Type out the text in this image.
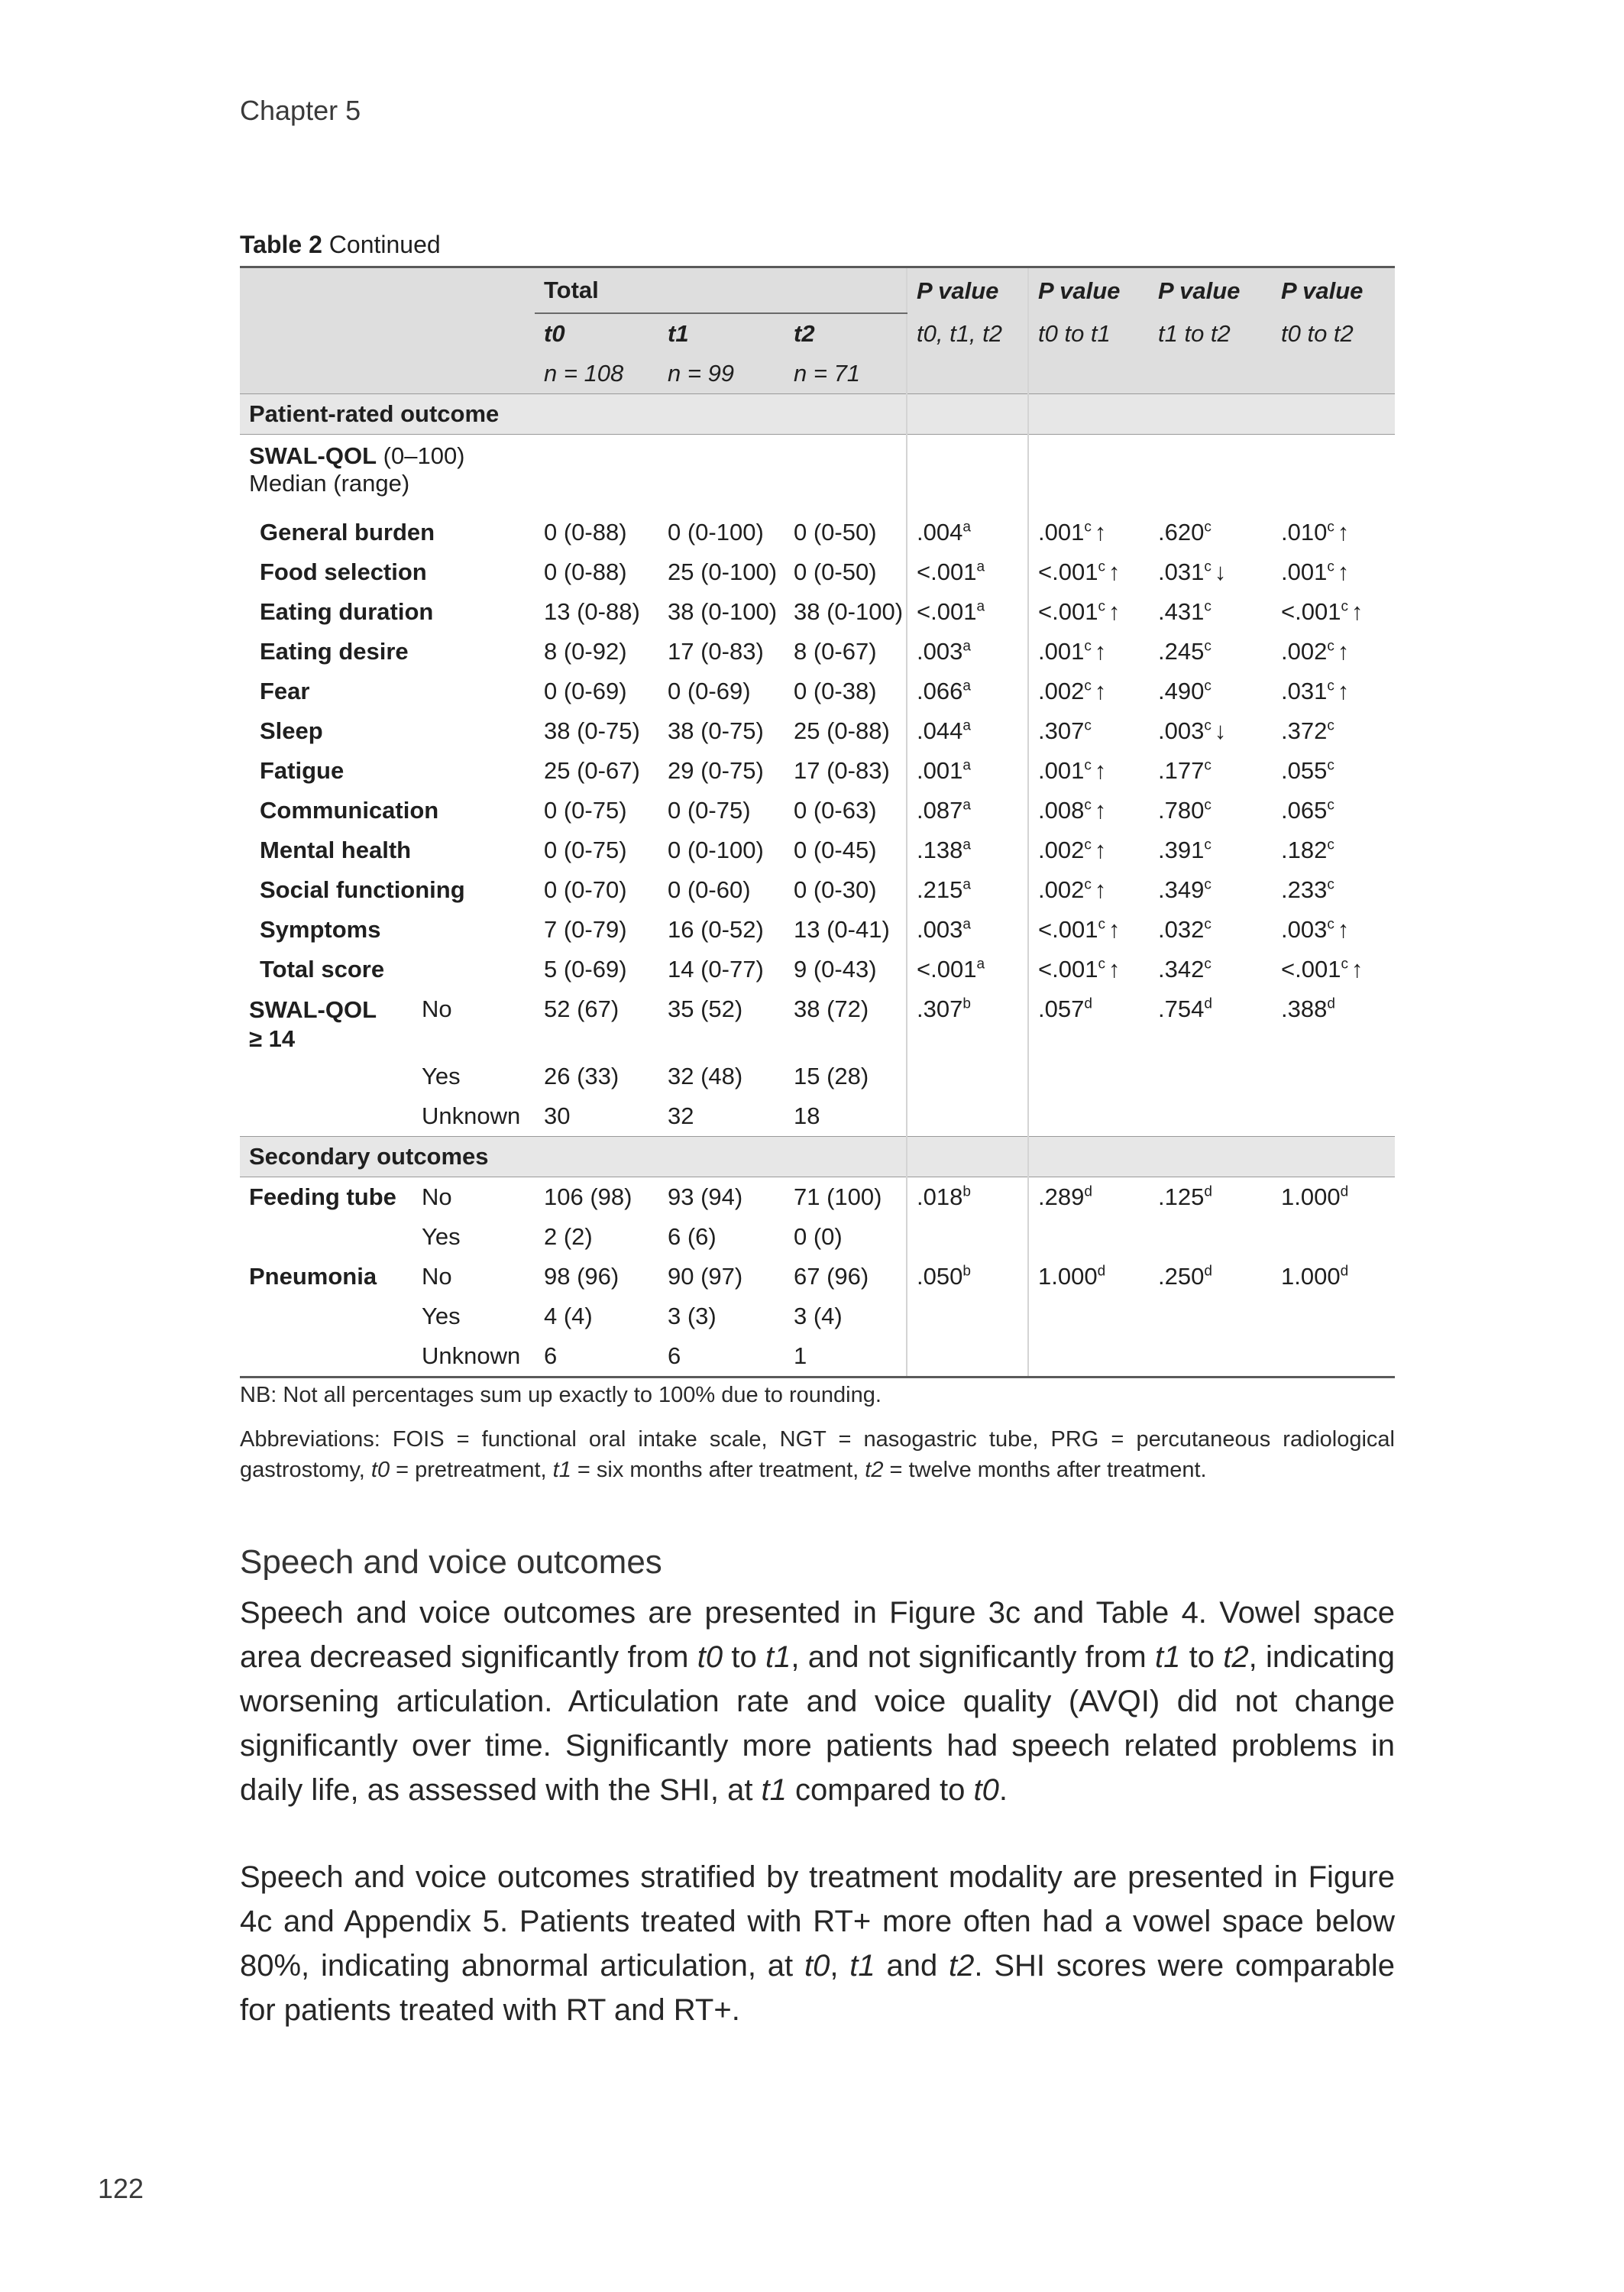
Chapter 5
Table 2 Continued
		Total			P value	P value	P value	P value
		t0	t1	t2	t0, t1, t2	t0 to t1	t1 to t2	t0 to t2
		n = 108	n = 99	n = 71				
Patient-rated outcome								
SWAL-QOL (0–100)
Median (range)								
General burden		0 (0-88)	0 (0-100)	0 (0-50)	.004$^a$	.001$^c$ ↑	.620$^c$	.010$^c$ ↑
Food selection		0 (0-88)	25 (0-100)	0 (0-50)	<.001$^a$	<.001$^c$ ↑	.031$^c$ ↓	.001$^c$ ↑
Eating duration		13 (0-88)	38 (0-100)	38 (0-100)	<.001$^a$	<.001$^c$ ↑	.431$^c$	<.001$^c$ ↑
Eating desire		8 (0-92)	17 (0-83)	8 (0-67)	.003$^a$	.001$^c$ ↑	.245$^c$	.002$^c$ ↑
Fear		0 (0-69)	0 (0-69)	0 (0-38)	.066$^a$	.002$^c$ ↑	.490$^c$	.031$^c$ ↑
Sleep		38 (0-75)	38 (0-75)	25 (0-88)	.044$^a$	.307$^c$	.003$^c$ ↓	.372$^c$
Fatigue		25 (0-67)	29 (0-75)	17 (0-83)	.001$^a$	.001$^c$ ↑	.177$^c$	.055$^c$
Communication		0 (0-75)	0 (0-75)	0 (0-63)	.087$^a$	.008$^c$ ↑	.780$^c$	.065$^c$
Mental health		0 (0-75)	0 (0-100)	0 (0-45)	.138$^a$	.002$^c$ ↑	.391$^c$	.182$^c$
Social functioning		0 (0-70)	0 (0-60)	0 (0-30)	.215$^a$	.002$^c$ ↑	.349$^c$	.233$^c$
Symptoms		7 (0-79)	16 (0-52)	13 (0-41)	.003$^a$	<.001$^c$ ↑	.032$^c$	.003$^c$ ↑
Total score		5 (0-69)	14 (0-77)	9 (0-43)	<.001$^a$	<.001$^c$ ↑	.342$^c$	<.001$^c$ ↑
SWAL-QOL
≥ 14	No	52 (67)	35 (52)	38 (72)	.307$^b$	.057$^d$	.754$^d$	.388$^d$
	Yes	26 (33)	32 (48)	15 (28)				
	Unknown	30	32	18				
Secondary outcomes								
Feeding tube	No	106 (98)	93 (94)	71 (100)	.018$^b$	.289$^d$	.125$^d$	1.000$^d$
	Yes	2 (2)	6 (6)	0 (0)				
Pneumonia	No	98 (96)	90 (97)	67 (96)	.050$^b$	1.000$^d$	.250$^d$	1.000$^d$
	Yes	4 (4)	3 (3)	3 (4)				
	Unknown	6	6	1				
NB: Not all percentages sum up exactly to 100% due to rounding.
Abbreviations: FOIS = functional oral intake scale, NGT = nasogastric tube, PRG = percutaneous radiological gastrostomy, t0 = pretreatment, t1 = six months after treatment, t2 = twelve months after treatment.
Speech and voice outcomes
Speech and voice outcomes are presented in Figure 3c and Table 4. Vowel space area decreased significantly from t0 to t1, and not significantly from t1 to t2, indicating worsening articulation. Articulation rate and voice quality (AVQI) did not change significantly over time. Significantly more patients had speech related problems in daily life, as assessed with the SHI, at t1 compared to t0.
Speech and voice outcomes stratified by treatment modality are presented in Figure 4c and Appendix 5. Patients treated with RT+ more often had a vowel space below 80%, indicating abnormal articulation, at t0, t1 and t2. SHI scores were comparable for patients treated with RT and RT+.
122
